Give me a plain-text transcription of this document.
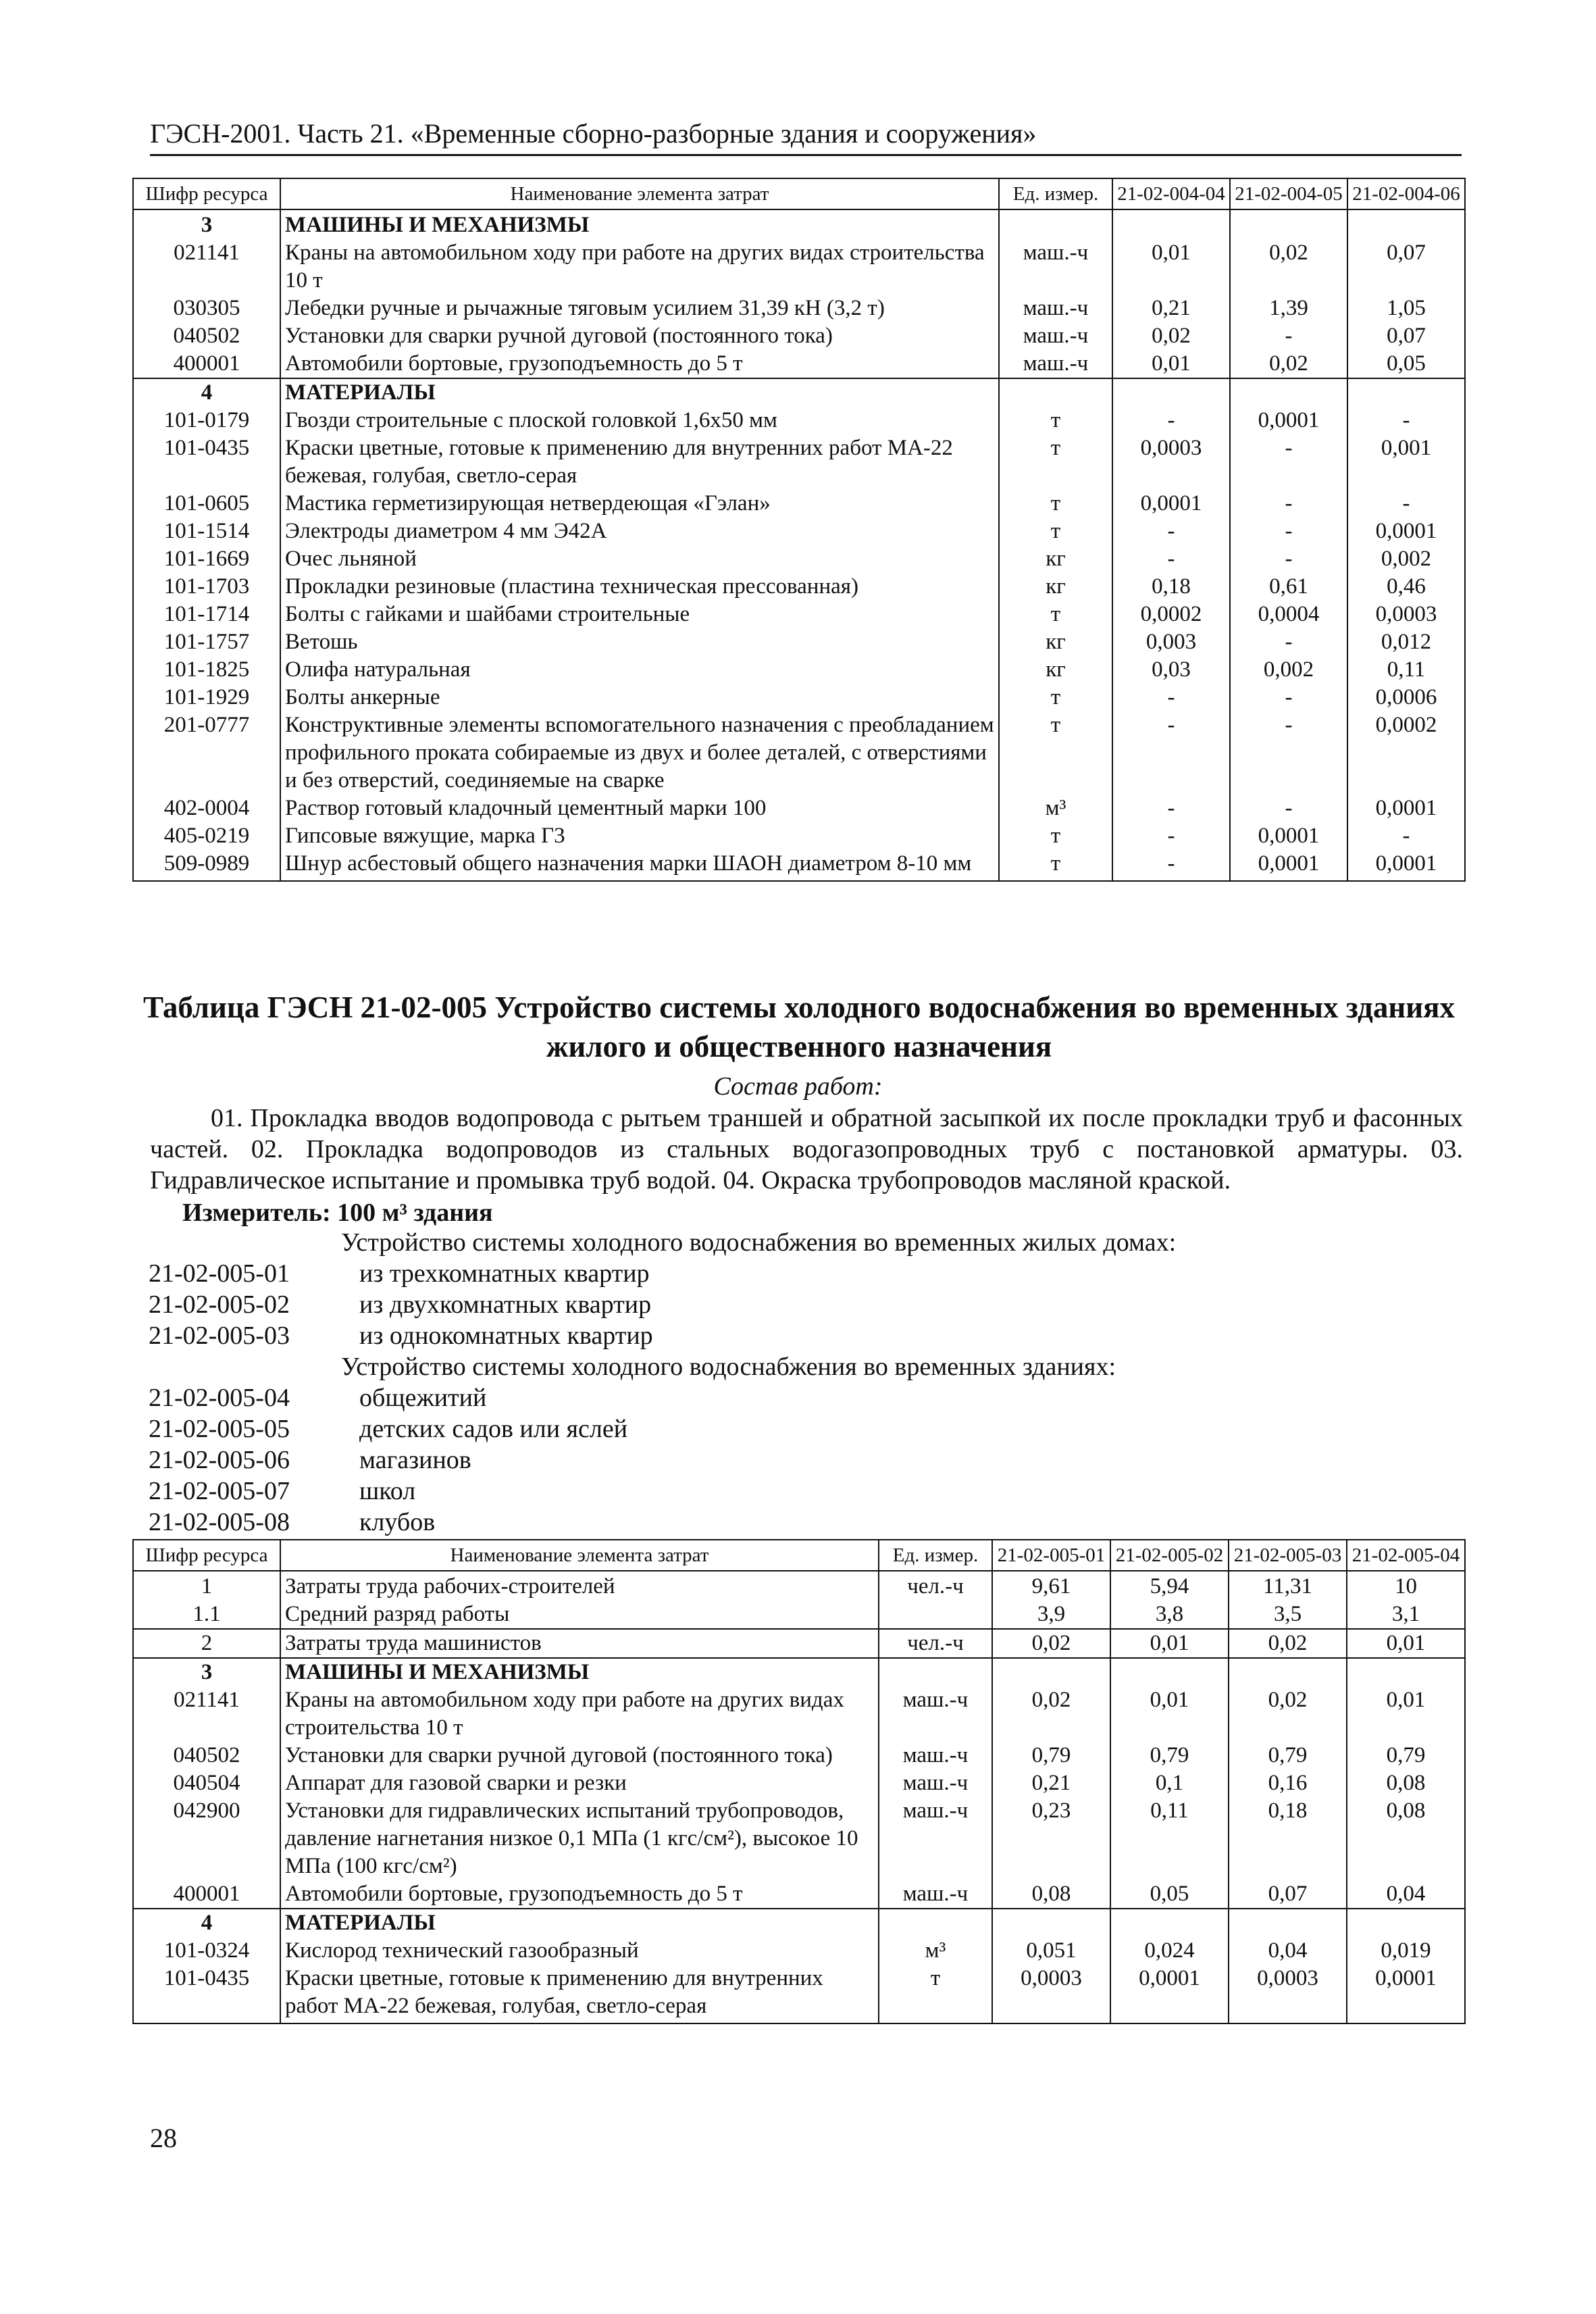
ГЭСН-2001. Часть 21. «Временные сборно-разборные здания и сооружения»
Шифр ресурса	Наименование элемента затрат	Ед. измер.	21-02-004-04	21-02-004-05	21-02-004-06
3	МАШИНЫ И МЕХАНИЗМЫ				
021141	Краны на автомобильном ходу при работе на других видах строительства 10 т	маш.-ч	0,01	0,02	0,07
030305	Лебедки ручные и рычажные тяговым усилием 31,39 кН (3,2 т)	маш.-ч	0,21	1,39	1,05
040502	Установки для сварки ручной дуговой (постоянного тока)	маш.-ч	0,02	-	0,07
400001	Автомобили бортовые, грузоподъемность до 5 т	маш.-ч	0,01	0,02	0,05
4	МАТЕРИАЛЫ				
101-0179	Гвозди строительные с плоской головкой 1,6х50 мм	т	-	0,0001	-
101-0435	Краски цветные, готовые к применению для внутренних работ МА-22 бежевая, голубая, светло-серая	т	0,0003	-	0,001
101-0605	Мастика герметизирующая нетвердеющая «Гэлан»	т	0,0001	-	-
101-1514	Электроды диаметром 4 мм Э42А	т	-	-	0,0001
101-1669	Очес льняной	кг	-	-	0,002
101-1703	Прокладки резиновые (пластина техническая прессованная)	кг	0,18	0,61	0,46
101-1714	Болты с гайками и шайбами строительные	т	0,0002	0,0004	0,0003
101-1757	Ветошь	кг	0,003	-	0,012
101-1825	Олифа натуральная	кг	0,03	0,002	0,11
101-1929	Болты анкерные	т	-	-	0,0006
201-0777	Конструктивные элементы вспомогательного назначения с преобладанием профильного проката собираемые из двух и более деталей, с отверстиями и без отверстий, соединяемые на сварке	т	-	-	0,0002
402-0004	Раствор готовый кладочный цементный марки 100	м³	-	-	0,0001
405-0219	Гипсовые вяжущие, марка Г3	т	-	0,0001	-
509-0989	Шнур асбестовый общего назначения марки ШАОН диаметром 8-10 мм	т	-	0,0001	0,0001
Таблица ГЭСН 21-02-005 Устройство системы холодного водоснабжения во временных зданиях жилого и общественного назначения
Состав работ:

01. Прокладка вводов водопровода с рытьем траншей и обратной засыпкой их после прокладки труб и фасонных частей. 02. Прокладка водопроводов из стальных водогазопроводных труб с постановкой арматуры. 03. Гидравлическое испытание и промывка труб водой. 04. Окраска трубопроводов масляной краской.

Измеритель: 100 м³ здания
Устройство системы холодного водоснабжения во временных жилых домах:
21-02-005-01	из трехкомнатных квартир
21-02-005-02	из двухкомнатных квартир
21-02-005-03	из однокомнатных квартир
Устройство системы холодного водоснабжения во временных зданиях:
21-02-005-04	общежитий
21-02-005-05	детских садов или яслей
21-02-005-06	магазинов
21-02-005-07	школ
21-02-005-08	клубов
Шифр ресурса	Наименование элемента затрат	Ед. измер.	21-02-005-01	21-02-005-02	21-02-005-03	21-02-005-04
1	Затраты труда рабочих-строителей	чел.-ч	9,61	5,94	11,31	10
1.1	Средний разряд работы		3,9	3,8	3,5	3,1
2	Затраты труда машинистов	чел.-ч	0,02	0,01	0,02	0,01
3	МАШИНЫ И МЕХАНИЗМЫ					
021141	Краны на автомобильном ходу при работе на других видах строительства 10 т	маш.-ч	0,02	0,01	0,02	0,01
040502	Установки для сварки ручной дуговой (постоянного тока)	маш.-ч	0,79	0,79	0,79	0,79
040504	Аппарат для газовой сварки и резки	маш.-ч	0,21	0,1	0,16	0,08
042900	Установки для гидравлических испытаний трубопроводов, давление нагнетания низкое 0,1 МПа (1 кгс/см²), высокое 10 МПа (100 кгс/см²)	маш.-ч	0,23	0,11	0,18	0,08
400001	Автомобили бортовые, грузоподъемность до 5 т	маш.-ч	0,08	0,05	0,07	0,04
4	МАТЕРИАЛЫ					
101-0324	Кислород технический газообразный	м³	0,051	0,024	0,04	0,019
101-0435	Краски цветные, готовые к применению для внутренних работ МА-22 бежевая, голубая, светло-серая	т	0,0003	0,0001	0,0003	0,0001
28
